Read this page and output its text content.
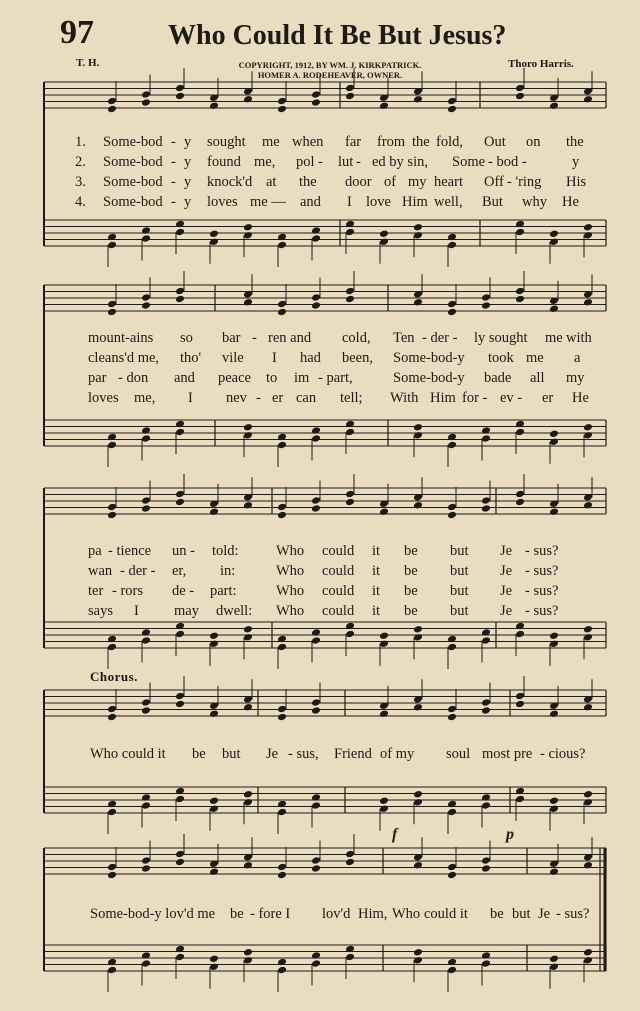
97	Who Could It Be But Jesus?
T. H.	COPYRIGHT, 1912, BY WM. J. KIRKPATRICK.
HOMER A. RODEHEAVER, OWNER.
Thoro Harris.
1. Some-bod - y sought me when far from the fold, Out on the
2. Some-bod - y found me, pol - lut - ed by sin, Some - bod -	y
3. Some-bod - y knock'd at the door of my heart Off - 'ring His
4. Some-bod - y loves me — and I love Him well, But why He
mount-ains so bar - ren and cold, Ten - der - ly sought me with
cleans'd me, tho' vile I had been, Some-bod-y took me a
par - don and peace to im - part,	Some-bod-y bade all my
loves me, I nev - er can tell; With Him for - ev - er He
pa - tience un - told:	Who could it be but Je - sus?
wan - der - er, in:	Who could it be but Je - sus?
ter - rors de - part:	Who could it be but Je - sus?
says I may dwell: Who could it be but Je - sus?
Chorus.
Who could it be but Je - sus, Friend of my soul most pre - cious?
f	p
Some-bod-y lov'd me be - fore I lov'd Him, Who could it be but Je - sus?
